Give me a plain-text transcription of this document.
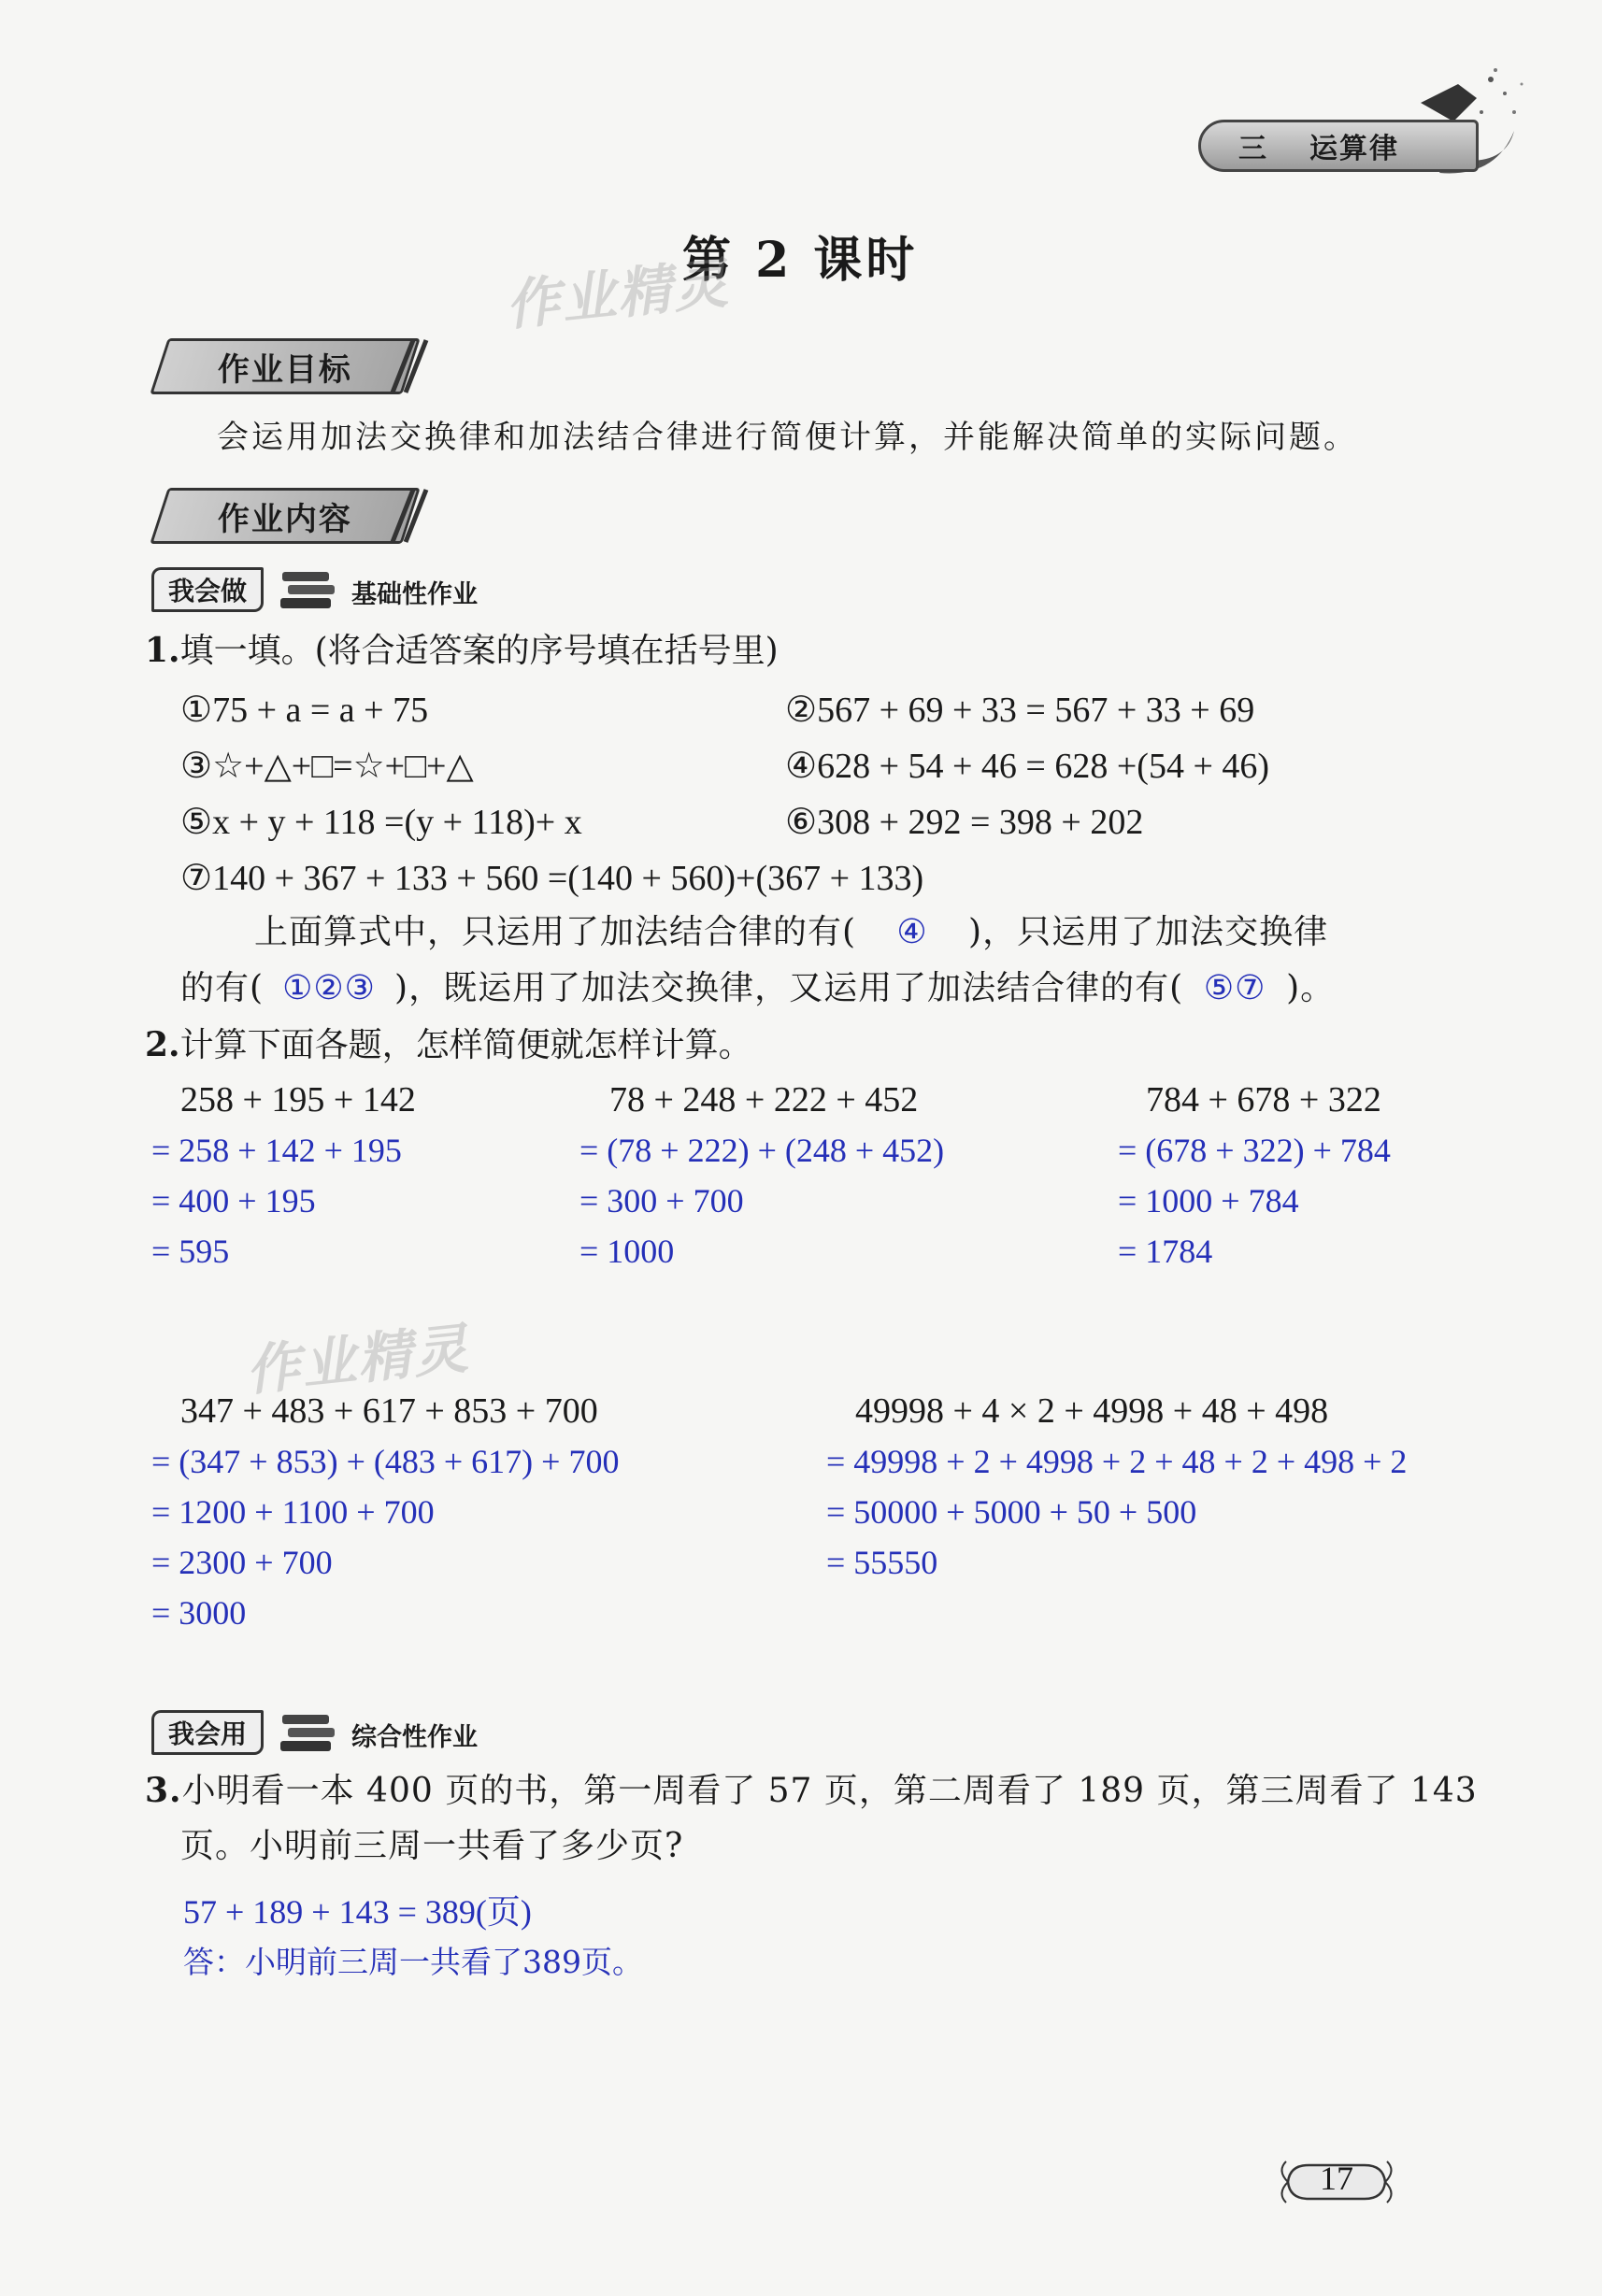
三 运算律
第 2 课时
作业精灵
作业目标
会运用加法交换律和加法结合律进行简便计算，并能解决简单的实际问题。
作业内容
我会做	基础性作业
1.填一填。(将合适答案的序号填在括号里)
①75 + a = a + 75	②567 + 69 + 33 = 567 + 33 + 69
③☆+△+□=☆+□+△	④628 + 54 + 46 = 628 +(54 + 46)
⑤x + y + 118 =(y + 118)+ x	⑥308 + 292 = 398 + 202
⑦140 + 367 + 133 + 560 =(140 + 560)+(367 + 133)
上面算式中，只运用了加法结合律的有( ④ )，只运用了加法交换律
的有( ①②③ )，既运用了加法交换律，又运用了加法结合律的有( ⑤⑦ )。
2.计算下面各题，怎样简便就怎样计算。
258 + 195 + 142
= 258 + 142 + 195
= 400 + 195
= 595
78 + 248 + 222 + 452
= (78 + 222) + (248 + 452)
= 300 + 700
= 1000
784 + 678 + 322
= (678 + 322) + 784
= 1000 + 784
= 1784
作业精灵
347 + 483 + 617 + 853 + 700
= (347 + 853) + (483 + 617) + 700
= 1200 + 1100 + 700
= 2300 + 700
= 3000
49998 + 4 × 2 + 4998 + 48 + 498
= 49998 + 2 + 4998 + 2 + 48 + 2 + 498 + 2
= 50000 + 5000 + 50 + 500
= 55550
我会用	综合性作业
3.小明看一本 400 页的书，第一周看了 57 页，第二周看了 189 页，第三周看了 143
页。小明前三周一共看了多少页?
57 + 189 + 143 = 389(页)
答：小明前三周一共看了389页。
17
